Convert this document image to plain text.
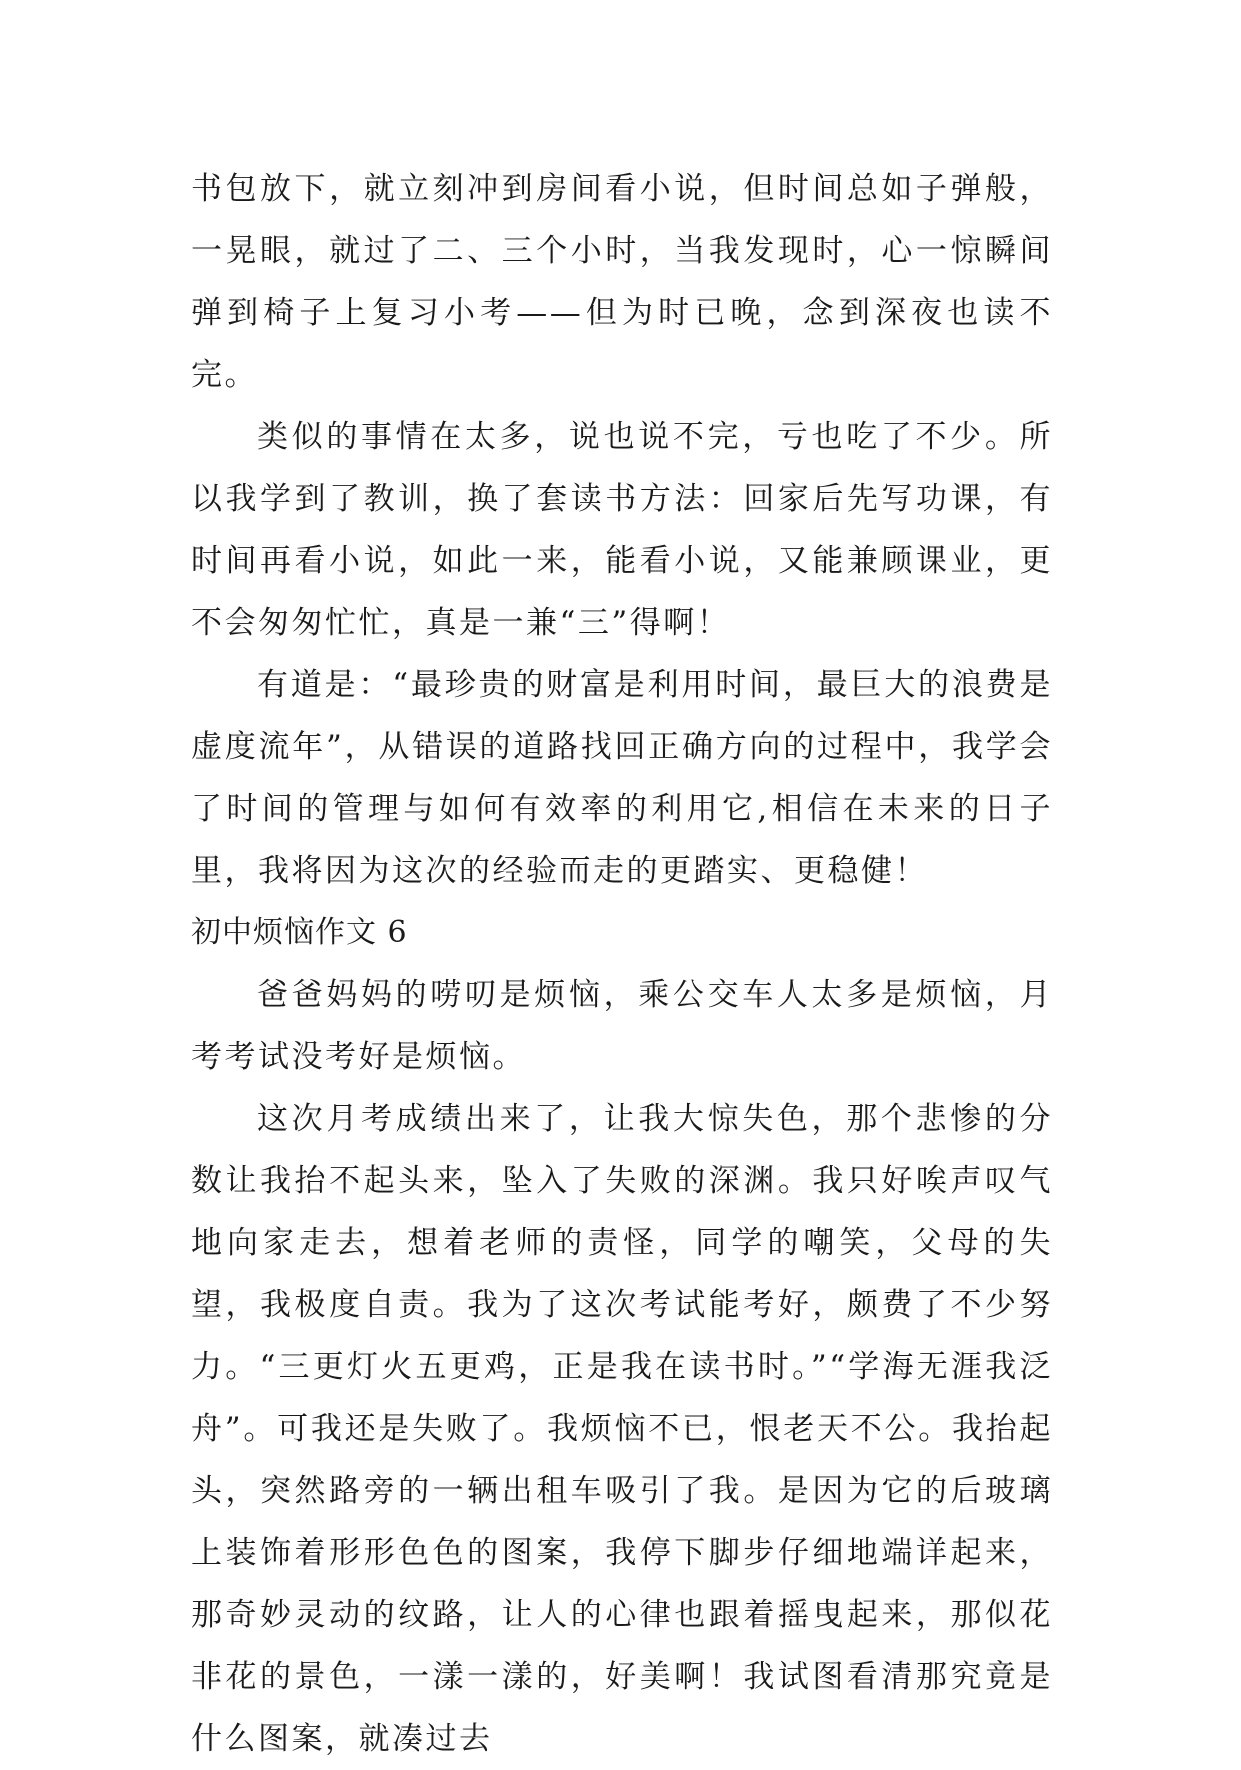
书包放下，就立刻冲到房间看小说，但时间总如子弹般，一晃眼，就过了二、三个小时，当我发现时，心一惊瞬间弹到椅子上复习小考——但为时已晚，念到深夜也读不完。

类似的事情在太多，说也说不完，亏也吃了不少。所以我学到了教训，换了套读书方法：回家后先写功课，有时间再看小说，如此一来，能看小说，又能兼顾课业，更不会匆匆忙忙，真是一兼“三”得啊！

有道是：“最珍贵的财富是利用时间，最巨大的浪费是虚度流年”，从错误的道路找回正确方向的过程中，我学会了时间的管理与如何有效率的利用它,相信在未来的日子里，我将因为这次的经验而走的更踏实、更稳健！

初中烦恼作文 6

爸爸妈妈的唠叨是烦恼，乘公交车人太多是烦恼，月考考试没考好是烦恼。

这次月考成绩出来了，让我大惊失色，那个悲惨的分数让我抬不起头来，坠入了失败的深渊。我只好唉声叹气地向家走去，想着老师的责怪，同学的嘲笑，父母的失望，我极度自责。我为了这次考试能考好，颇费了不少努力。“三更灯火五更鸡，正是我在读书时。”“学海无涯我泛舟”。可我还是失败了。我烦恼不已，恨老天不公。我抬起头，突然路旁的一辆出租车吸引了我。是因为它的后玻璃上装饰着形形色色的图案，我停下脚步仔细地端详起来，那奇妙灵动的纹路，让人的心律也跟着摇曳起来，那似花非花的景色，一漾一漾的，好美啊！我试图看清那究竟是什么图案，就凑过去
